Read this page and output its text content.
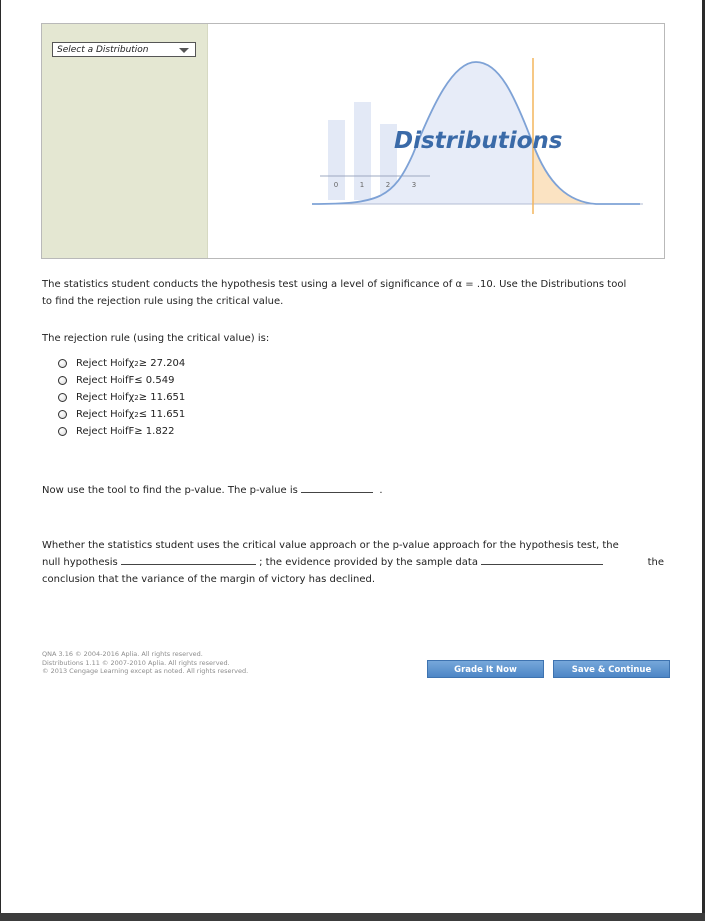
Select a Distribution
0	1	2	3
Distributions
The statistics student conducts the hypothesis test using a level of significance of α = .10. Use the Distributions tool
to find the rejection rule using the critical value.
The rejection rule (using the critical value) is:
Reject H 0 if χ 2 ≥ 27.204
Reject H 0 if F ≤ 0.549
Reject H 0 if χ 2 ≥ 11.651
Reject H 0 if χ 2 ≤ 11.651
Reject H 0 if F ≥ 1.822
Now use the tool to find the p-value. The p-value is	.
Whether the statistics student uses the critical value approach or the p-value approach for the hypothesis test, the
null hypothesis	; the evidence provided by the sample data	the
conclusion that the variance of the margin of victory has declined.
QNA 3.16 © 2004-2016 Aplia. All rights reserved.
Distributions 1.11 © 2007-2010 Aplia. All rights reserved.
© 2013 Cengage Learning except as noted. All rights reserved.	Grade It Now	Save & Continue
